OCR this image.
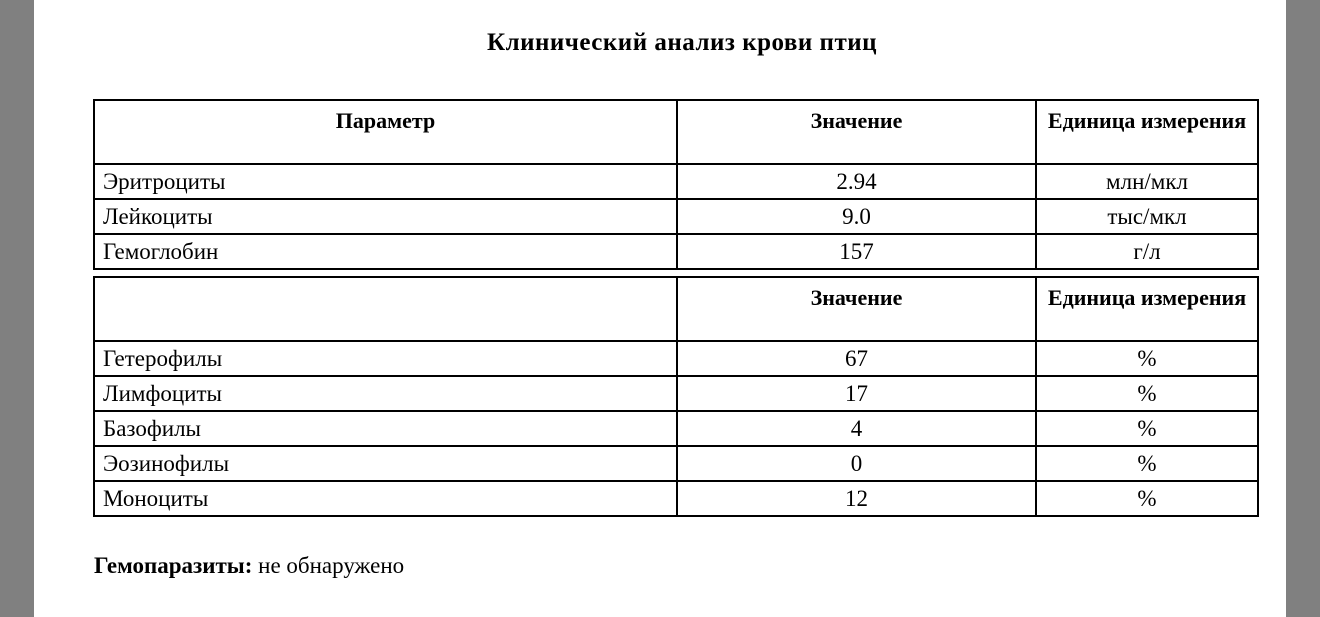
Клинический анализ крови птиц
Параметр	Значение	Единица измерения
Эритроциты	2.94	млн/мкл
Лейкоциты	9.0	тыс/мкл
Гемоглобин	157	г/л
	Значение	Единица измерения
Гетерофилы	67	%
Лимфоциты	17	%
Базофилы	4	%
Эозинофилы	0	%
Моноциты	12	%
Гемопаразиты: не обнаружено
